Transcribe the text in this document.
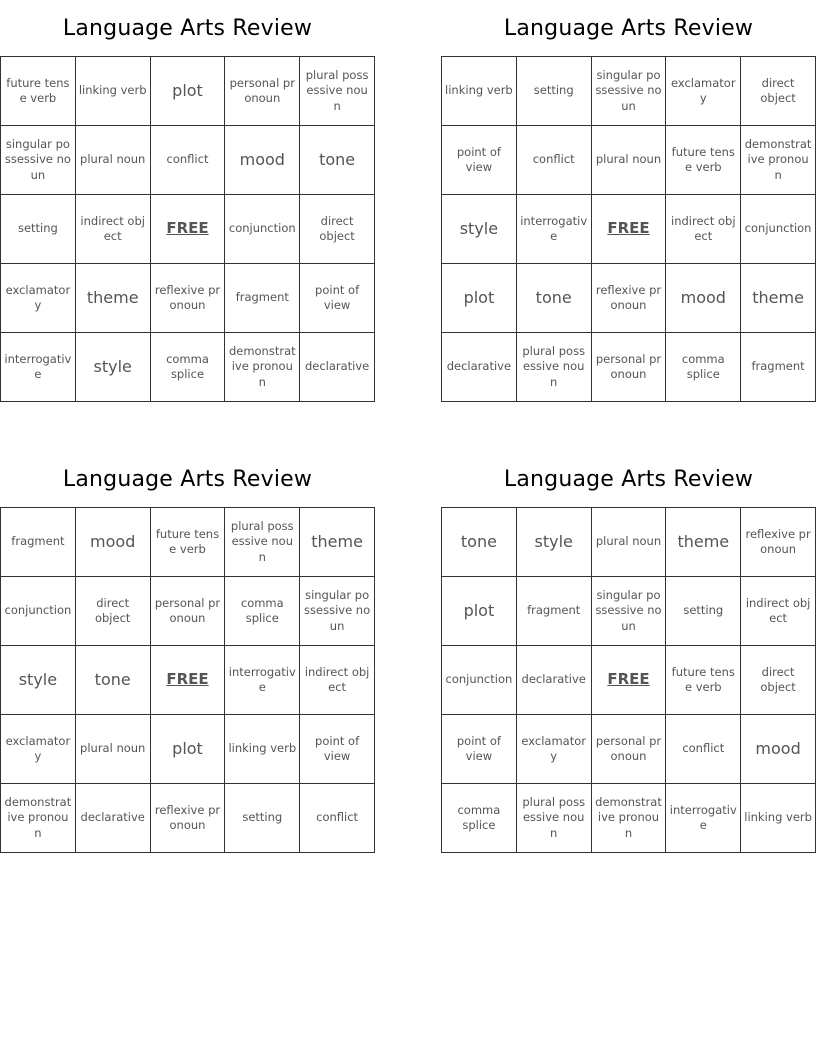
Language Arts Review
future tense verb	linking verb	plot	personal pronoun	plural possessive noun
singular possessive noun	plural noun	conflict	mood	tone
setting	indirect object	FREE	conjunction	direct object
exclamatory	theme	reflexive pronoun	fragment	point of view
interrogative	style	comma splice	demonstrative pronoun	declarative
Language Arts Review
linking verb	setting	singular possessive noun	exclamatory	direct object
point of view	conflict	plural noun	future tense verb	demonstrative pronoun
style	interrogative	FREE	indirect object	conjunction
plot	tone	reflexive pronoun	mood	theme
declarative	plural possessive noun	personal pronoun	comma splice	fragment
Language Arts Review
fragment	mood	future tense verb	plural possessive noun	theme
conjunction	direct object	personal pronoun	comma splice	singular possessive noun
style	tone	FREE	interrogative	indirect object
exclamatory	plural noun	plot	linking verb	point of view
demonstrative pronoun	declarative	reflexive pronoun	setting	conflict
Language Arts Review
tone	style	plural noun	theme	reflexive pronoun
plot	fragment	singular possessive noun	setting	indirect object
conjunction	declarative	FREE	future tense verb	direct object
point of view	exclamatory	personal pronoun	conflict	mood
comma splice	plural possessive noun	demonstrative pronoun	interrogative	linking verb
